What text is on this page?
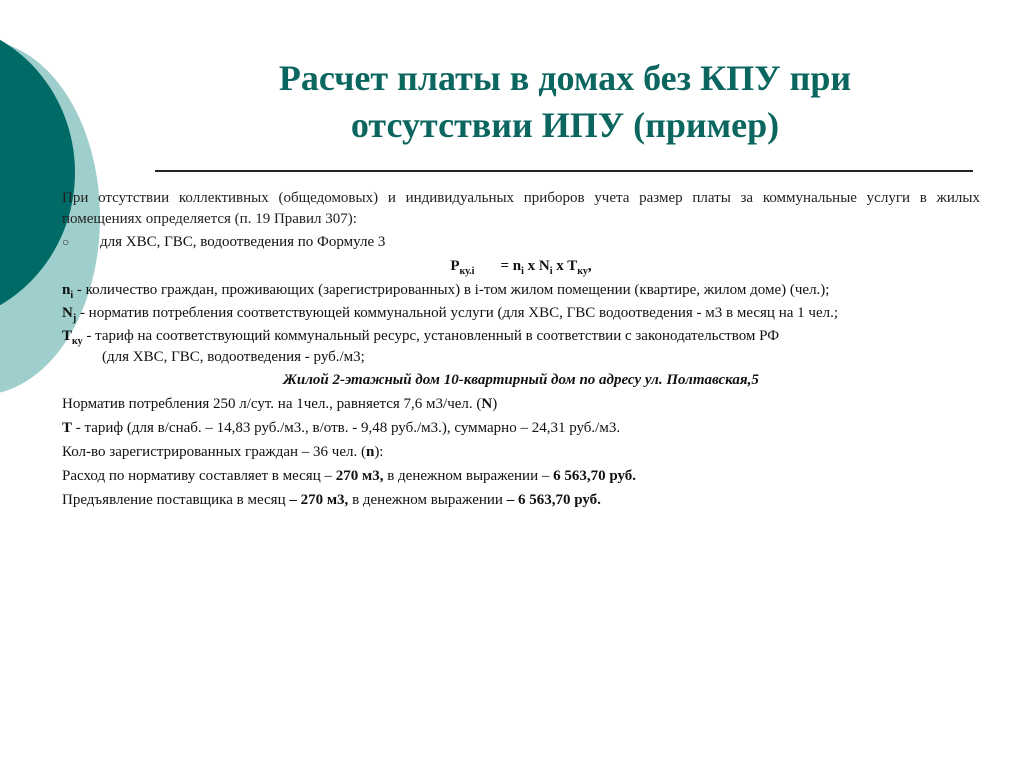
Расчет платы в домах без КПУ при
отсутствии ИПУ (пример)

При отсутствии коллективных (общедомовых) и индивидуальных приборов учета размер платы за коммунальные услуги в жилых помещениях определяется (п. 19 Правил 307):

○	для ХВС, ГВС, водоотведения по Формуле 3
$P_{ку.i} = n_i$ x $N_i$ x $T_{ку}$,
$n_i$ - количество граждан, проживающих (зарегистрированных) в i-том жилом помещении (квартире, жилом доме) (чел.);
$N_j$ - норматив потребления соответствующей коммунальной услуги (для ХВС, ГВС водоотведения - м3 в месяц на 1 чел.;
$T_{ку}$ - тариф на соответствующий коммунальный ресурс, установленный в соответствии с законодательством РФ
(для ХВС, ГВС, водоотведения - руб./м3;
Жилой 2-этажный дом 10-квартирный дом по адресу ул. Полтавская,5
Норматив потребления 250 л/сут. на 1чел., равняется 7,6 м3/чел. (N)
T - тариф (для в/снаб. – 14,83 руб./м3., в/отв. - 9,48 руб./м3.), суммарно – 24,31 руб./м3.
Кол-во зарегистрированных граждан – 36 чел. (n):
Расход по нормативу составляет в месяц – 270 м3, в денежном выражении – 6 563,70 руб.
Предъявление поставщика в месяц – 270 м3, в денежном выражении – 6 563,70 руб.
